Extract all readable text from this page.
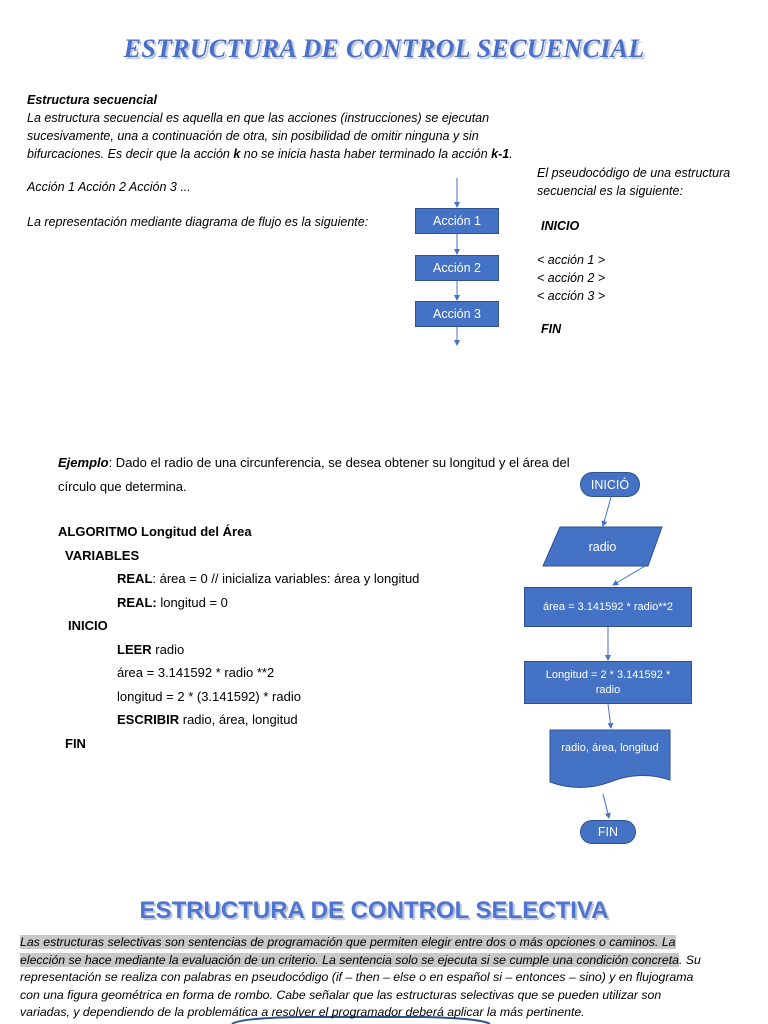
ESTRUCTURA DE CONTROL SECUENCIAL
Estructura secuencial
La estructura secuencial es aquella en que las acciones (instrucciones) se ejecutan
sucesivamente, una a continuación de otra, sin posibilidad de omitir ninguna y sin
bifurcaciones. Es decir que la acción k no se inicia hasta haber terminado la acción k-1.
Acción 1 Acción 2 Acción 3 ...
La representación mediante diagrama de flujo es la siguiente:	Acción 1
Acción 2
Acción 3
El pseudocódigo de una estructura
secuencial es la siguiente:
INICIO
< acción 1 >
< acción 2 >
< acción 3 >
FIN
Ejemplo: Dado el radio de una circunferencia, se desea obtener su longitud y el área del
círculo que determina.
ALGORITMO Longitud del Área
VARIABLES
REAL: área = 0 // inicializa variables: área y longitud
REAL: longitud = 0
INICIO
LEER radio
área = 3.141592 * radio **2
longitud = 2 * (3.141592) * radio
ESCRIBIR radio, área, longitud
FIN
INICIÓ
radio
área = 3.141592 * radio**2
Longitud = 2 * 3.141592 *
radio
radio, área, longitud
FIN
ESTRUCTURA DE CONTROL SELECTIVA
Las estructuras selectivas son sentencias de programación que permiten elegir entre dos o más opciones o caminos. La
elección se hace mediante la evaluación de un criterio. La sentencia solo se ejecuta si se cumple una condición concreta. Su
representación se realiza con palabras en pseudocódigo (if – then – else o en español si – entonces – sino) y en flujograma
con una figura geométrica en forma de rombo. Cabe señalar que las estructuras selectivas que se pueden utilizar son
variadas, y dependiendo de la problemática a resolver el programador deberá aplicar la más pertinente.
